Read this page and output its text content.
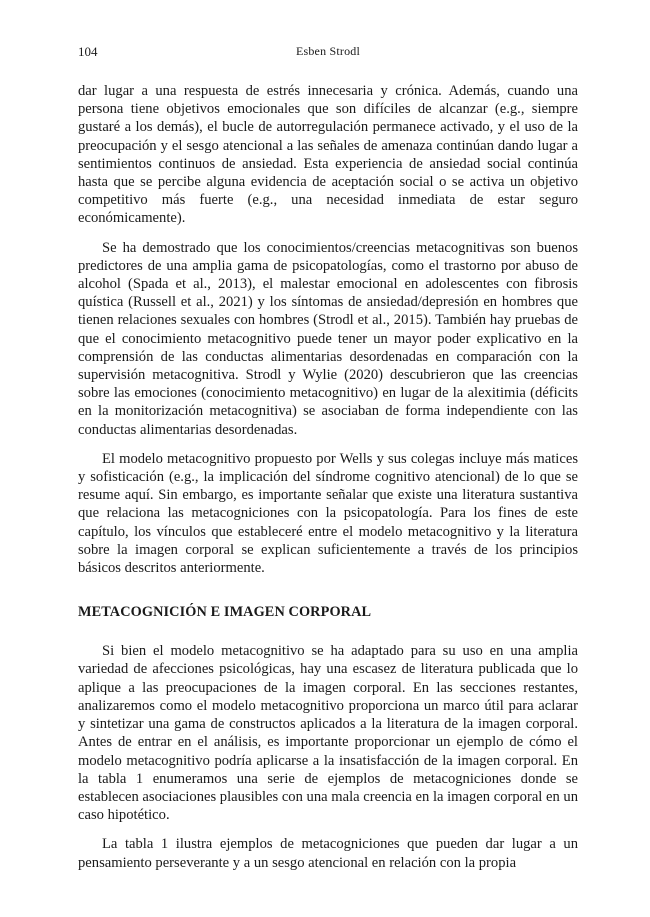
104	Esben Strodl

dar lugar a una respuesta de estrés innecesaria y crónica. Además, cuando una persona tiene objetivos emocionales que son difíciles de alcanzar (e.g., siempre gustaré a los demás), el bucle de autorregulación permanece activado, y el uso de la preocupación y el sesgo atencional a las señales de amenaza continúan dando lugar a sentimientos continuos de ansiedad. Esta experiencia de ansiedad social continúa hasta que se percibe alguna evidencia de aceptación social o se activa un objetivo competitivo más fuerte (e.g., una necesidad inmediata de estar seguro económicamente).

Se ha demostrado que los conocimientos/creencias metacognitivas son buenos predictores de una amplia gama de psicopatologías, como el trastorno por abuso de alcohol (Spada et al., 2013), el malestar emocional en adolescentes con fibrosis quística (Russell et al., 2021) y los síntomas de ansiedad/depresión en hombres que tienen relaciones sexuales con hombres (Strodl et al., 2015). También hay pruebas de que el conocimiento metacognitivo puede tener un mayor poder explicativo en la comprensión de las conductas alimentarias desordenadas en comparación con la supervisión metacognitiva. Strodl y Wylie (2020) descubrieron que las creencias sobre las emociones (conocimiento metacognitivo) en lugar de la alexitimia (déficits en la monitorización metacognitiva) se asociaban de forma independiente con las conductas alimentarias desordenadas.

El modelo metacognitivo propuesto por Wells y sus colegas incluye más matices y sofisticación (e.g., la implicación del síndrome cognitivo atencional) de lo que se resume aquí. Sin embargo, es importante señalar que existe una literatura sustantiva que relaciona las metacogniciones con la psicopatología. Para los fines de este capítulo, los vínculos que estableceré entre el modelo metacognitivo y la literatura sobre la imagen corporal se explican suficientemente a través de los principios básicos descritos anteriormente.

METACOGNICIÓN E IMAGEN CORPORAL

Si bien el modelo metacognitivo se ha adaptado para su uso en una amplia variedad de afecciones psicológicas, hay una escasez de literatura publicada que lo aplique a las preocupaciones de la imagen corporal. En las secciones restantes, analizaremos como el modelo metacognitivo proporciona un marco útil para aclarar y sintetizar una gama de constructos aplicados a la literatura de la imagen corporal. Antes de entrar en el análisis, es importante proporcionar un ejemplo de cómo el modelo metacognitivo podría aplicarse a la insatisfacción de la imagen corporal. En la tabla 1 enumeramos una serie de ejemplos de metacogniciones donde se establecen asociaciones plausibles con una mala creencia en la imagen corporal en un caso hipotético.

La tabla 1 ilustra ejemplos de metacogniciones que pueden dar lugar a un pensamiento perseverante y a un sesgo atencional en relación con la propia
